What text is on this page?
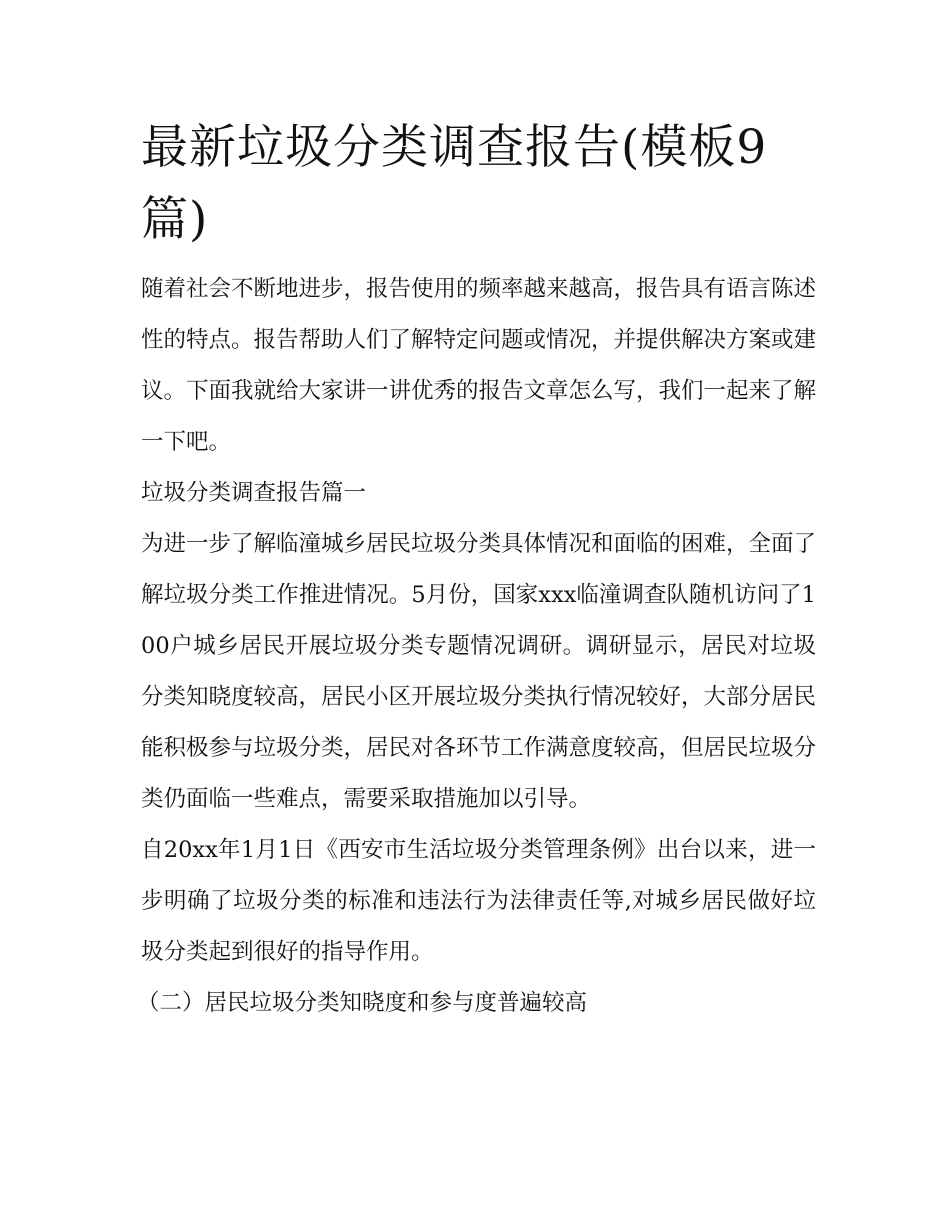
最新垃圾分类调查报告(模板9篇)

随着社会不断地进步，报告使用的频率越来越高，报告具有语言陈述性的特点。报告帮助人们了解特定问题或情况，并提供解决方案或建议。下面我就给大家讲一讲优秀的报告文章怎么写，我们一起来了解一下吧。

垃圾分类调查报告篇一

为进一步了解临潼城乡居民垃圾分类具体情况和面临的困难，全面了解垃圾分类工作推进情况。5月份，国家xxx临潼调查队随机访问了100户城乡居民开展垃圾分类专题情况调研。调研显示，居民对垃圾分类知晓度较高，居民小区开展垃圾分类执行情况较好，大部分居民能积极参与垃圾分类，居民对各环节工作满意度较高，但居民垃圾分类仍面临一些难点，需要采取措施加以引导。

自20xx年1月1日《西安市生活垃圾分类管理条例》出台以来，进一步明确了垃圾分类的标准和违法行为法律责任等,对城乡居民做好垃圾分类起到很好的指导作用。

（二）居民垃圾分类知晓度和参与度普遍较高
